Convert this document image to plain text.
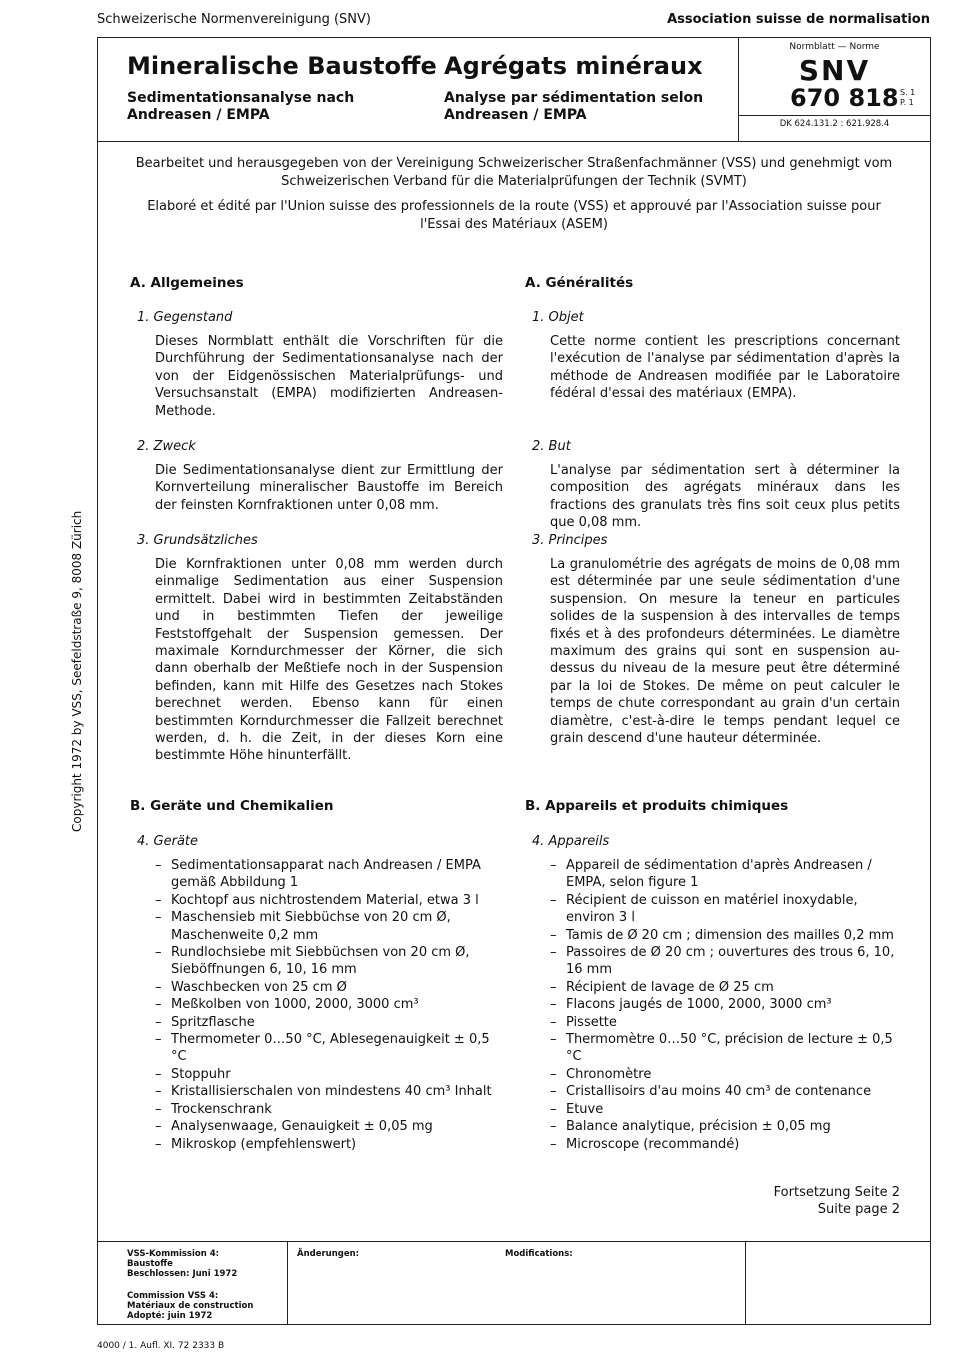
Schweizerische Normenvereinigung (SNV)	Association suisse de normalisation
Mineralische Baustoffe
Sedimentationsanalyse nach
Andreasen / EMPA
Agrégats minéraux
Analyse par sédimentation selon
Andreasen / EMPA
Normblatt — Norme
SNV
670 818 S. 1
P. 1
DK 624.131.2 : 621.928.4
Bearbeitet und herausgegeben von der Vereinigung Schweizerischer Straßenfachmänner (VSS) und genehmigt vom Schweizerischen Verband für die Materialprüfungen der Technik (SVMT)
Elaboré et édité par l'Union suisse des professionnels de la route (VSS) et approuvé par l'Association suisse pour l'Essai des Matériaux (ASEM)
A. Allgemeines
1. Gegenstand
Dieses Normblatt enthält die Vorschriften für die Durchführung der Sedimentationsanalyse nach der von der Eidgenössischen Materialprüfungs- und Versuchsanstalt (EMPA) modifizierten Andreasen-Methode.
2. Zweck
Die Sedimentationsanalyse dient zur Ermittlung der Kornverteilung mineralischer Baustoffe im Bereich der feinsten Kornfraktionen unter 0,08 mm.
3. Grundsätzliches
Die Kornfraktionen unter 0,08 mm werden durch einmalige Sedimentation aus einer Suspension ermittelt. Dabei wird in bestimmten Zeitabständen und in bestimmten Tiefen der jeweilige Feststoffgehalt der Suspension gemessen. Der maximale Korndurchmesser der Körner, die sich dann oberhalb der Meßtiefe noch in der Suspension befinden, kann mit Hilfe des Gesetzes nach Stokes berechnet werden. Ebenso kann für einen bestimmten Korndurchmesser die Fallzeit berechnet werden, d. h. die Zeit, in der dieses Korn eine bestimmte Höhe hinunterfällt.
B. Geräte und Chemikalien
4. Geräte
– Sedimentationsapparat nach Andreasen / EMPA gemäß Abbildung 1
– Kochtopf aus nichtrostendem Material, etwa 3 l
– Maschensieb mit Siebbüchse von 20 cm Ø, Maschenweite 0,2 mm
– Rundlochsiebe mit Siebbüchsen von 20 cm Ø, Sieböffnungen 6, 10, 16 mm
– Waschbecken von 25 cm Ø
– Meßkolben von 1000, 2000, 3000 cm³
– Spritzflasche
– Thermometer 0…50 °C, Ablesegenauigkeit ± 0,5 °C
– Stoppuhr
– Kristallisierschalen von mindestens 40 cm³ Inhalt
– Trockenschrank
– Analysenwaage, Genauigkeit ± 0,05 mg
– Mikroskop (empfehlenswert)
A. Généralités
1. Objet
Cette norme contient les prescriptions concernant l'exécution de l'analyse par sédimentation d'après la méthode de Andreasen modifiée par le Laboratoire fédéral d'essai des matériaux (EMPA).
2. But
L'analyse par sédimentation sert à déterminer la composition des agrégats minéraux dans les fractions des granulats très fins soit ceux plus petits que 0,08 mm.
3. Principes
La granulométrie des agrégats de moins de 0,08 mm est déterminée par une seule sédimentation d'une suspension. On mesure la teneur en particules solides de la suspension à des intervalles de temps fixés et à des profondeurs déterminées. Le diamètre maximum des grains qui sont en suspension au-dessus du niveau de la mesure peut être déterminé par la loi de Stokes. De même on peut calculer le temps de chute correspondant au grain d'un certain diamètre, c'est-à-dire le temps pendant lequel ce grain descend d'une hauteur déterminée.
B. Appareils et produits chimiques
4. Appareils
– Appareil de sédimentation d'après Andreasen / EMPA, selon figure 1
– Récipient de cuisson en matériel inoxydable, environ 3 l
– Tamis de Ø 20 cm ; dimension des mailles 0,2 mm
– Passoires de Ø 20 cm ; ouvertures des trous 6, 10, 16 mm
– Récipient de lavage de Ø 25 cm
– Flacons jaugés de 1000, 2000, 3000 cm³
– Pissette
– Thermomètre 0…50 °C, précision de lecture ± 0,5 °C
– Chronomètre
– Cristallisoirs d'au moins 40 cm³ de contenance
– Etuve
– Balance analytique, précision ± 0,05 mg
– Microscope (recommandé)
Fortsetzung Seite 2
Suite page 2
Copyright 1972 by VSS, Seefeldstraße 9, 8008 Zürich
VSS-Kommission 4:
Baustoffe
Beschlossen: Juni 1972
Commission VSS 4:
Matériaux de construction
Adopté: juin 1972
Änderungen:	Modifications:
4000 / 1. Aufl. XI. 72 2333 B
